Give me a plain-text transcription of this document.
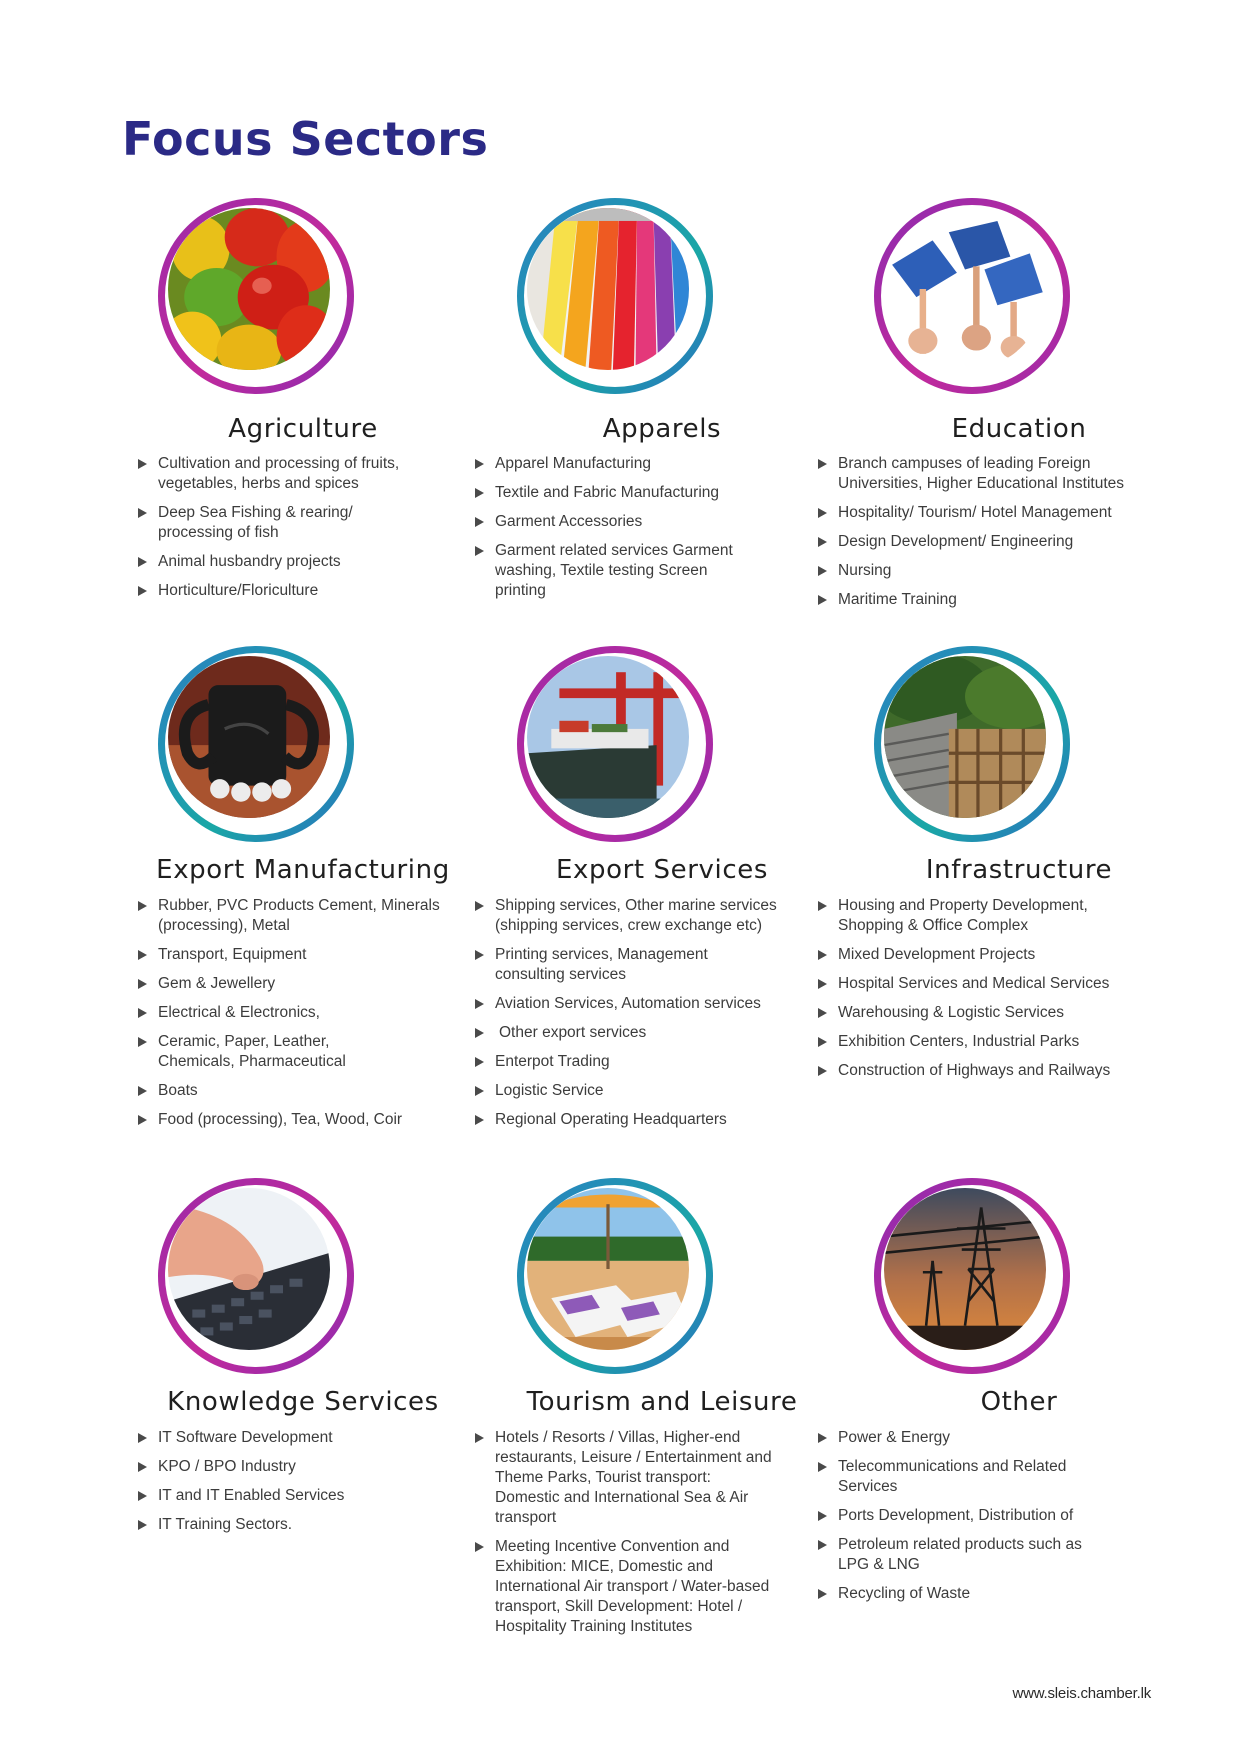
Focus Sectors
Agriculture
Cultivation and processing of fruits, vegetables, herbs and spices
Deep Sea Fishing & rearing/ processing of fish
Animal husbandry projects
Horticulture/Floriculture
Apparels
Apparel Manufacturing
Textile and Fabric Manufacturing
Garment Accessories
Garment related services Garment washing, Textile testing Screen printing
Education
Branch campuses of leading Foreign Universities, Higher Educational Institutes
Hospitality/ Tourism/ Hotel Management
Design Development/ Engineering
Nursing
Maritime Training
Export Manufacturing
Rubber, PVC Products Cement, Minerals (processing), Metal
Transport, Equipment
Gem & Jewellery
Electrical & Electronics,
Ceramic, Paper, Leather, Chemicals, Pharmaceutical
Boats
Food (processing), Tea, Wood, Coir
Export Services
Shipping services, Other marine services (shipping services, crew exchange etc)
Printing services, Management consulting services
Aviation Services, Automation services
Other export services
Enterpot Trading
Logistic Service
Regional Operating Headquarters
Infrastructure
Housing and Property Development, Shopping & Office Complex
Mixed Development Projects
Hospital Services and Medical Services
Warehousing & Logistic Services
Exhibition Centers, Industrial Parks
Construction of Highways and Railways
Knowledge Services
IT Software Development
KPO / BPO Industry
IT and IT Enabled Services
IT Training Sectors.
Tourism and Leisure
Hotels / Resorts / Villas, Higher-end restaurants, Leisure / Entertainment and Theme Parks, Tourist transport: Domestic and International Sea & Air transport
Meeting Incentive Convention and Exhibition: MICE, Domestic and International Air transport / Water-based transport, Skill Development: Hotel / Hospitality Training Institutes
Other
Power & Energy
Telecommunications and Related Services
Ports Development, Distribution of
Petroleum related products such as LPG & LNG
Recycling of Waste
www.sleis.chamber.lk
